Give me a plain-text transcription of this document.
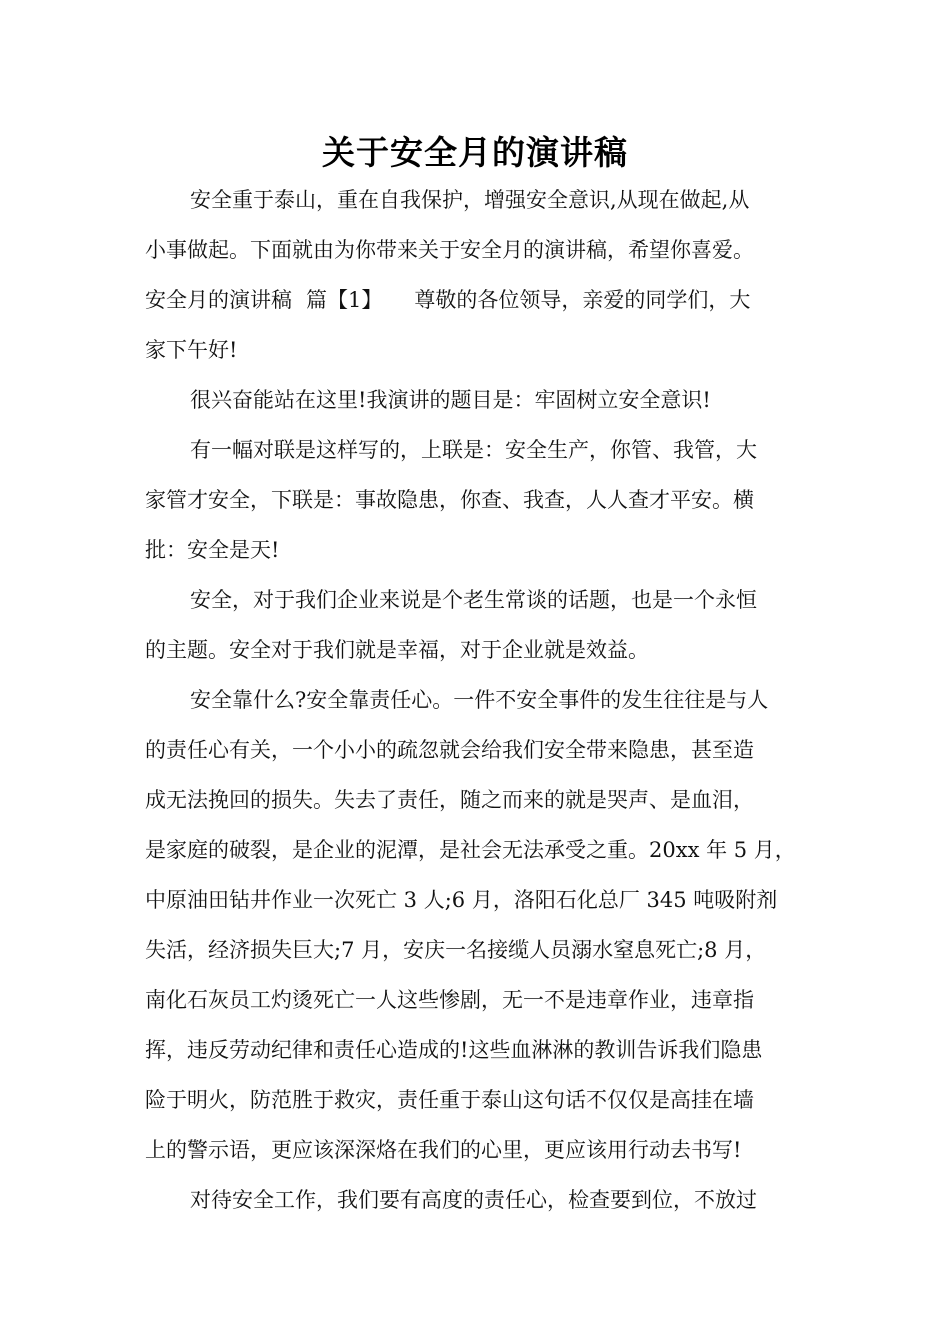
关于安全月的演讲稿
安全重于泰山，重在自我保护，增强安全意识,从现在做起,从
小事做起。下面就由为你带来关于安全月的演讲稿，希望你喜爱。
安全月的演讲稿 篇【1】 尊敬的各位领导，亲爱的同学们，大
家下午好!
很兴奋能站在这里!我演讲的题目是：牢固树立安全意识!
有一幅对联是这样写的，上联是：安全生产，你管、我管，大
家管才安全，下联是：事故隐患，你查、我查，人人查才平安。横
批：安全是天!
安全，对于我们企业来说是个老生常谈的话题，也是一个永恒
的主题。安全对于我们就是幸福，对于企业就是效益。
安全靠什么?安全靠责任心。一件不安全事件的发生往往是与人
的责任心有关，一个小小的疏忽就会给我们安全带来隐患，甚至造
成无法挽回的损失。失去了责任，随之而来的就是哭声、是血泪，
是家庭的破裂，是企业的泥潭，是社会无法承受之重。20xx 年 5 月，
中原油田钻井作业一次死亡 3 人;6 月，洛阳石化总厂 345 吨吸附剂
失活，经济损失巨大;7 月，安庆一名接缆人员溺水窒息死亡;8 月，
南化石灰员工灼烫死亡一人这些惨剧，无一不是违章作业，违章指
挥，违反劳动纪律和责任心造成的!这些血淋淋的教训告诉我们隐患
险于明火，防范胜于救灾，责任重于泰山这句话不仅仅是高挂在墙
上的警示语，更应该深深烙在我们的心里，更应该用行动去书写!
对待安全工作，我们要有高度的责任心，检查要到位，不放过
